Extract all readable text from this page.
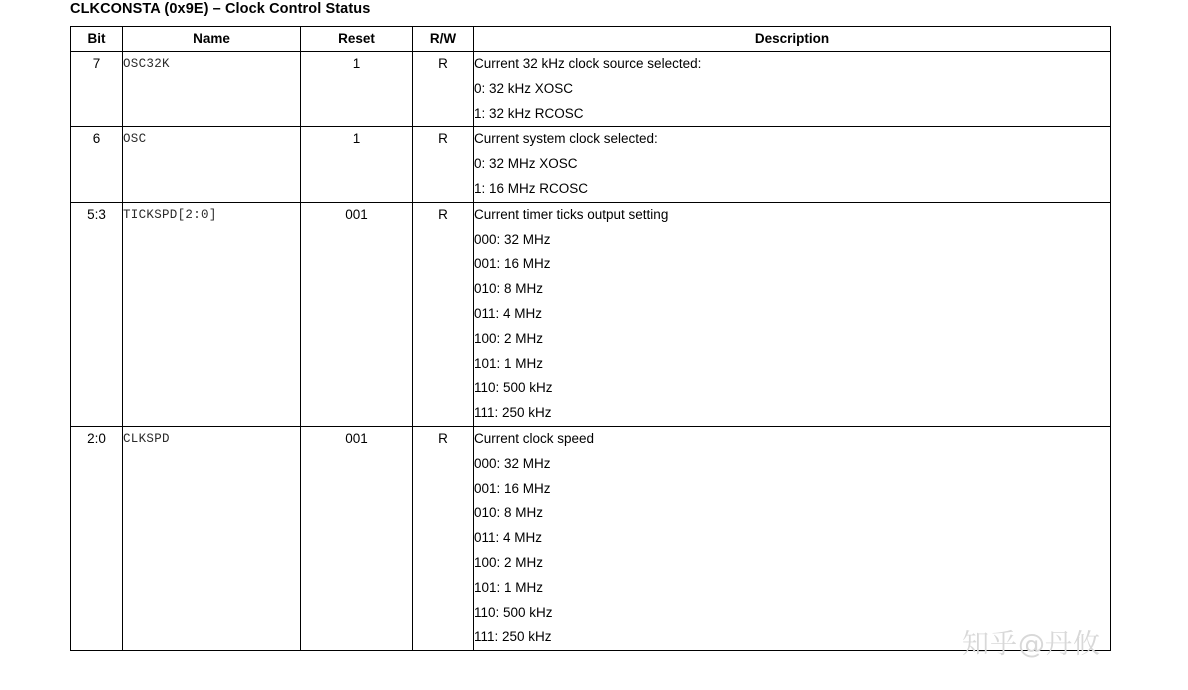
CLKCONSTA (0x9E) – Clock Control Status
Bit	Name	Reset	R/W	Description
7	OSC32K	1	R	Current 32 kHz clock source selected:
0: 32 kHz XOSC
1: 32 kHz RCOSC

6	OSC	1	R	Current system clock selected:
0: 32 MHz XOSC
1: 16 MHz RCOSC

5:3	TICKSPD[2:0]	001	R	Current timer ticks output setting
000: 32 MHz
001: 16 MHz
010: 8 MHz
011: 4 MHz
100: 2 MHz
101: 1 MHz
110: 500 kHz
111: 250 kHz

2:0	CLKSPD	001	R	Current clock speed
000: 32 MHz
001: 16 MHz
010: 8 MHz
011: 4 MHz
100: 2 MHz
101: 1 MHz
110: 500 kHz
111: 250 kHz	知乎@丹攸
